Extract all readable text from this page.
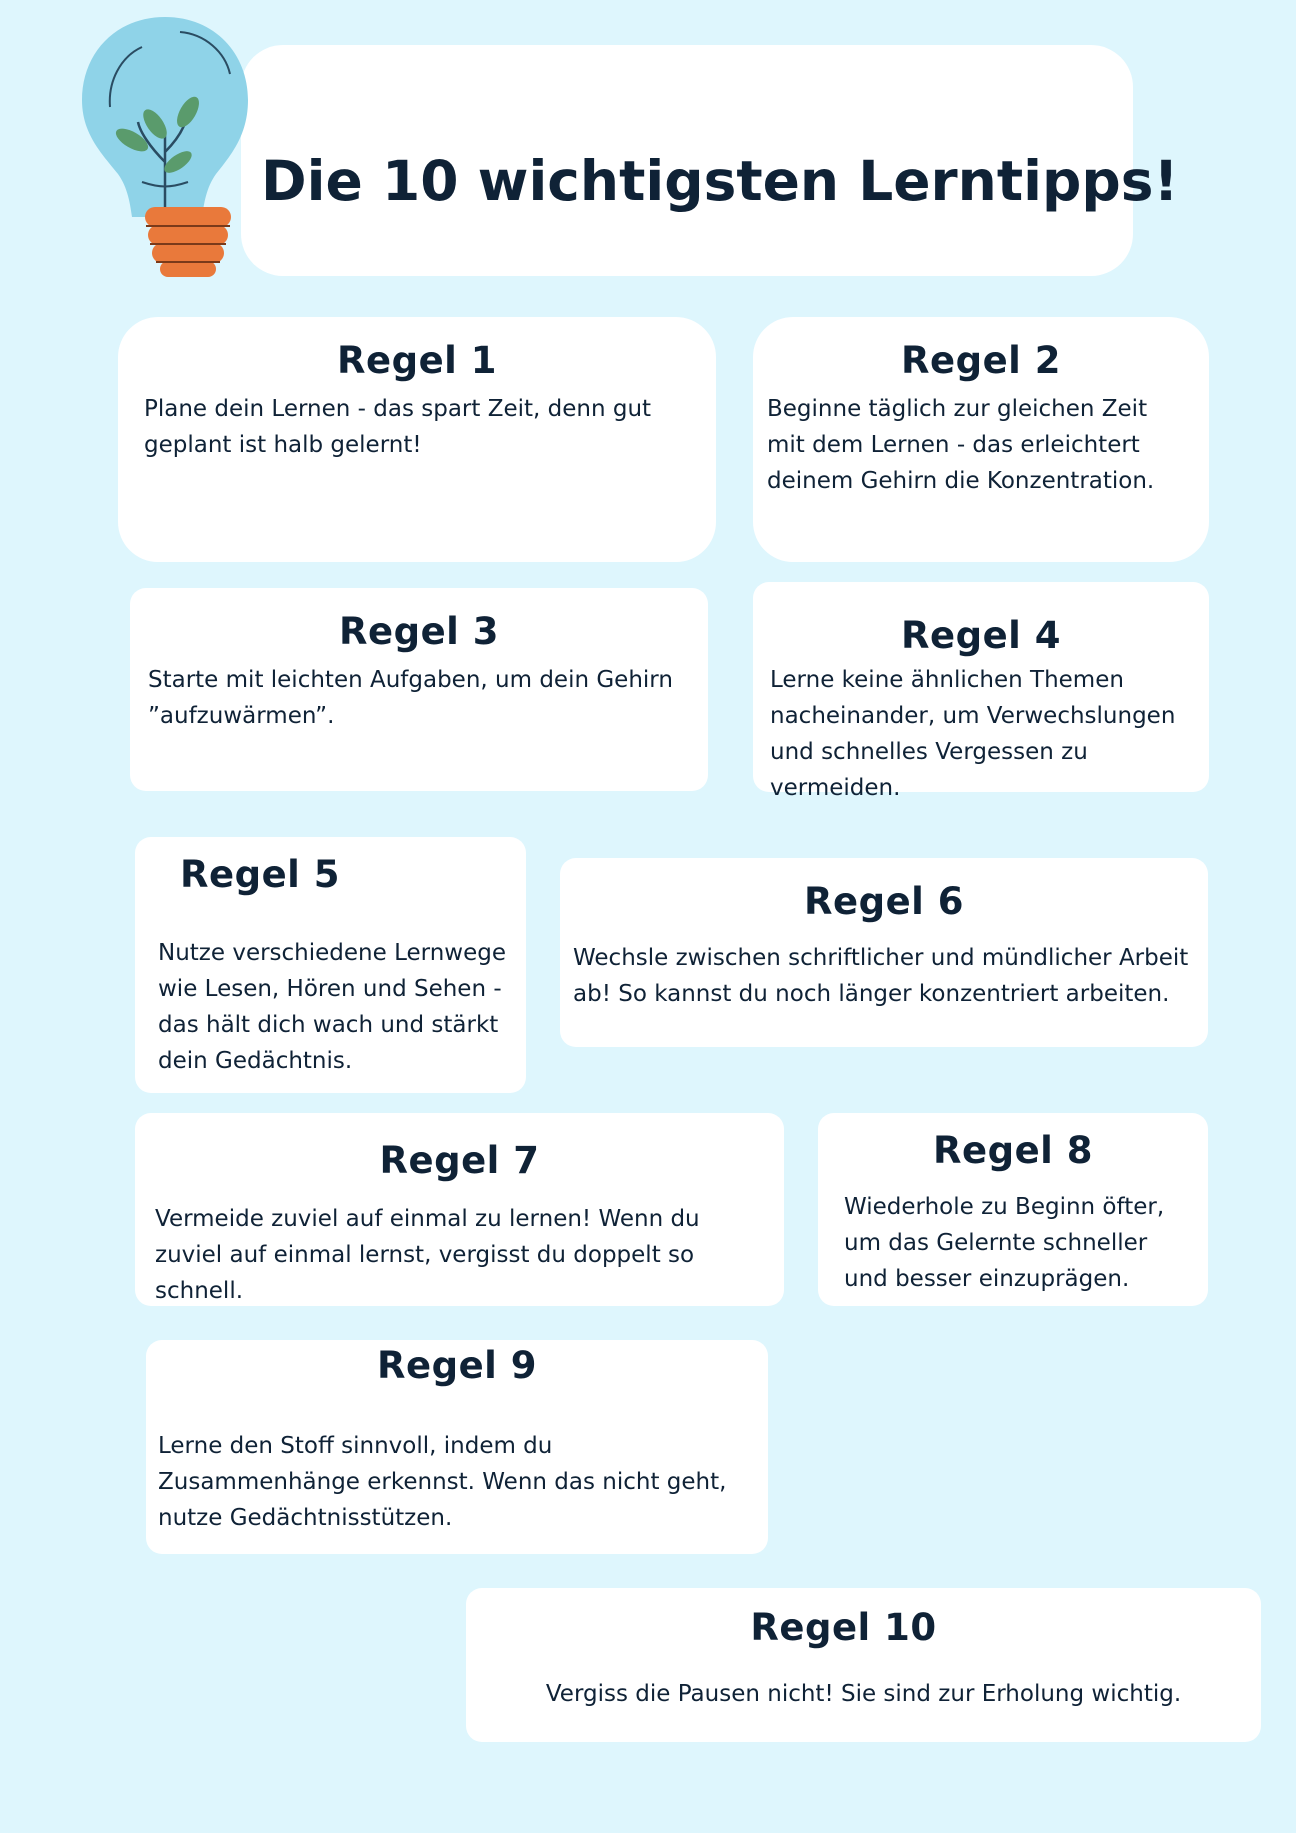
Die 10 wichtigsten Lerntipps!
Regel 1

Plane dein Lernen - das spart Zeit, denn gut geplant ist halb gelernt!

Regel 2

Beginne täglich zur gleichen Zeit mit dem Lernen - das erleichtert deinem Gehirn die Konzentration.

Regel 3

Starte mit leichten Aufgaben, um dein Gehirn ”aufzuwärmen”.

Regel 4

Lerne keine ähnlichen Themen nacheinander, um Verwechslungen und schnelles Vergessen zu vermeiden.

Regel 5

Nutze verschiedene Lernwege wie Lesen, Hören und Sehen - das hält dich wach und stärkt dein Gedächtnis.

Regel 6

Wechsle zwischen schriftlicher und mündlicher Arbeit ab! So kannst du noch länger konzentriert arbeiten.

Regel 7

Vermeide zuviel auf einmal zu lernen! Wenn du zuviel auf einmal lernst, vergisst du doppelt so schnell.

Regel 8

Wiederhole zu Beginn öfter, um das Gelernte schneller und besser einzuprägen.

Regel 9

Lerne den Stoff sinnvoll, indem du Zusammenhänge erkennst. Wenn das nicht geht, nutze Gedächtnisstützen.

Regel 10

Vergiss die Pausen nicht! Sie sind zur Erholung wichtig.
